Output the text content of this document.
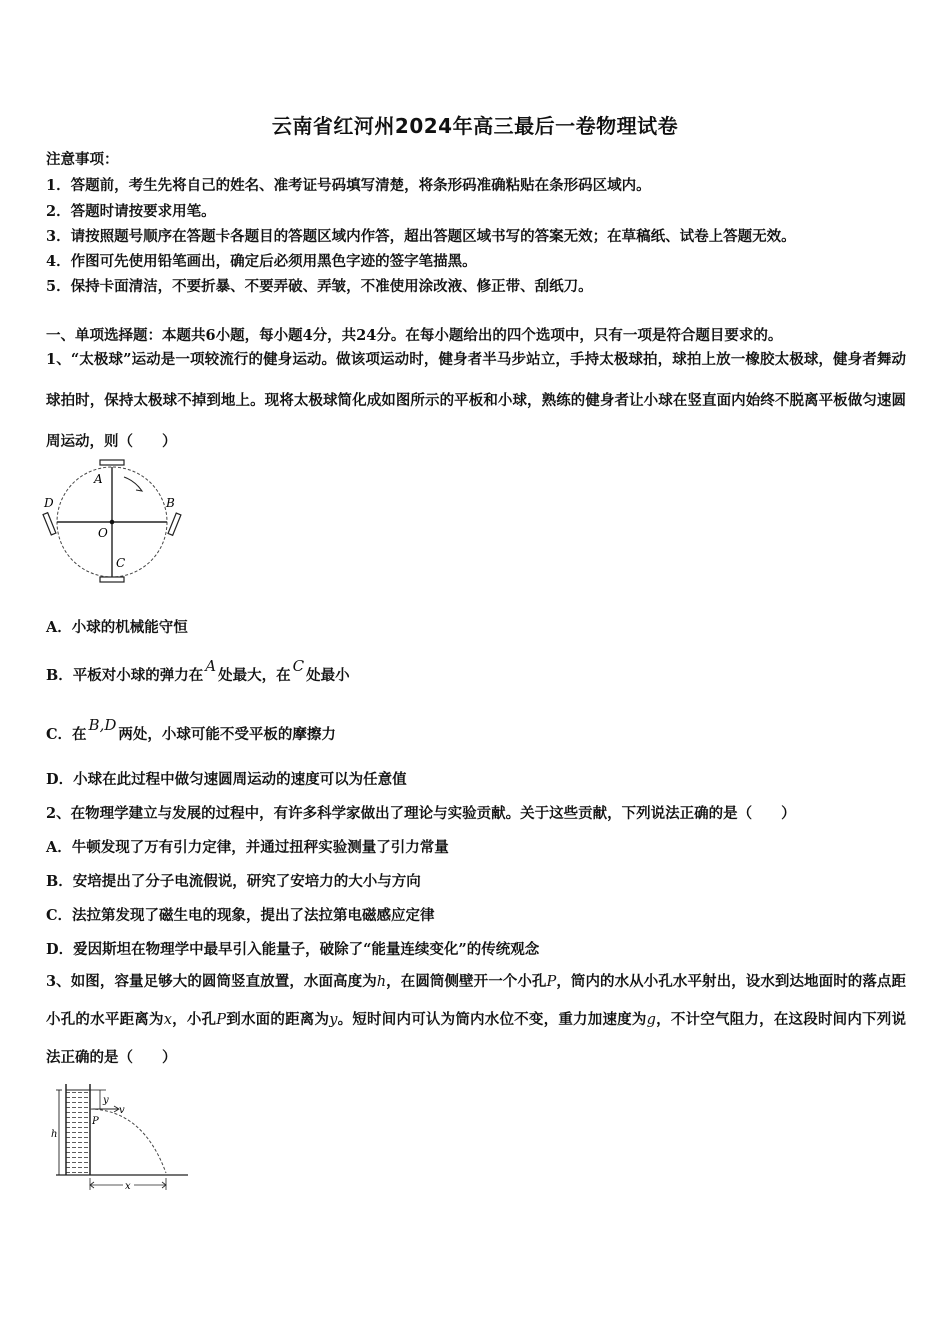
云南省红河州2024年高三最后一卷物理试卷
注意事项：
1．答题前，考生先将自己的姓名、准考证号码填写清楚，将条形码准确粘贴在条形码区域内。
2．答题时请按要求用笔。
3．请按照题号顺序在答题卡各题目的答题区域内作答，超出答题区域书写的答案无效；在草稿纸、试卷上答题无效。
4．作图可先使用铅笔画出，确定后必须用黑色字迹的签字笔描黑。
5．保持卡面清洁，不要折暴、不要弄破、弄皱，不准使用涂改液、修正带、刮纸刀。
一、单项选择题：本题共6小题，每小题4分，共24分。在每小题给出的四个选项中，只有一项是符合题目要求的。
1、“太极球”运动是一项较流行的健身运动。做该项运动时，健身者半马步站立，手持太极球拍，球拍上放一橡胶太极球，健身者舞动球拍时，保持太极球不掉到地上。现将太极球简化成如图所示的平板和小球，熟练的健身者让小球在竖直面内始终不脱离平板做匀速圆周运动，则（　　）
A
B
C
D
O
A．小球的机械能守恒
B．平板对小球的弹力在A处最大，在C处最小
C．在B,D两处，小球可能不受平板的摩擦力
D．小球在此过程中做匀速圆周运动的速度可以为任意值
2、在物理学建立与发展的过程中，有许多科学家做出了理论与实验贡献。关于这些贡献，下列说法正确的是（　　）
A．牛顿发现了万有引力定律，并通过扭秤实验测量了引力常量
B．安培提出了分子电流假说，研究了安培力的大小与方向
C．法拉第发现了磁生电的现象，提出了法拉第电磁感应定律
D．爱因斯坦在物理学中最早引入能量子，破除了“能量连续变化”的传统观念
3、如图，容量足够大的圆筒竖直放置，水面高度为h，在圆筒侧壁开一个小孔P，筒内的水从小孔水平射出，设水到达地面时的落点距小孔的水平距离为x，小孔P到水面的距离为y。短时间内可认为筒内水位不变，重力加速度为g，不计空气阻力，在这段时间内下列说法正确的是（　　）
y
v
P
h
x
